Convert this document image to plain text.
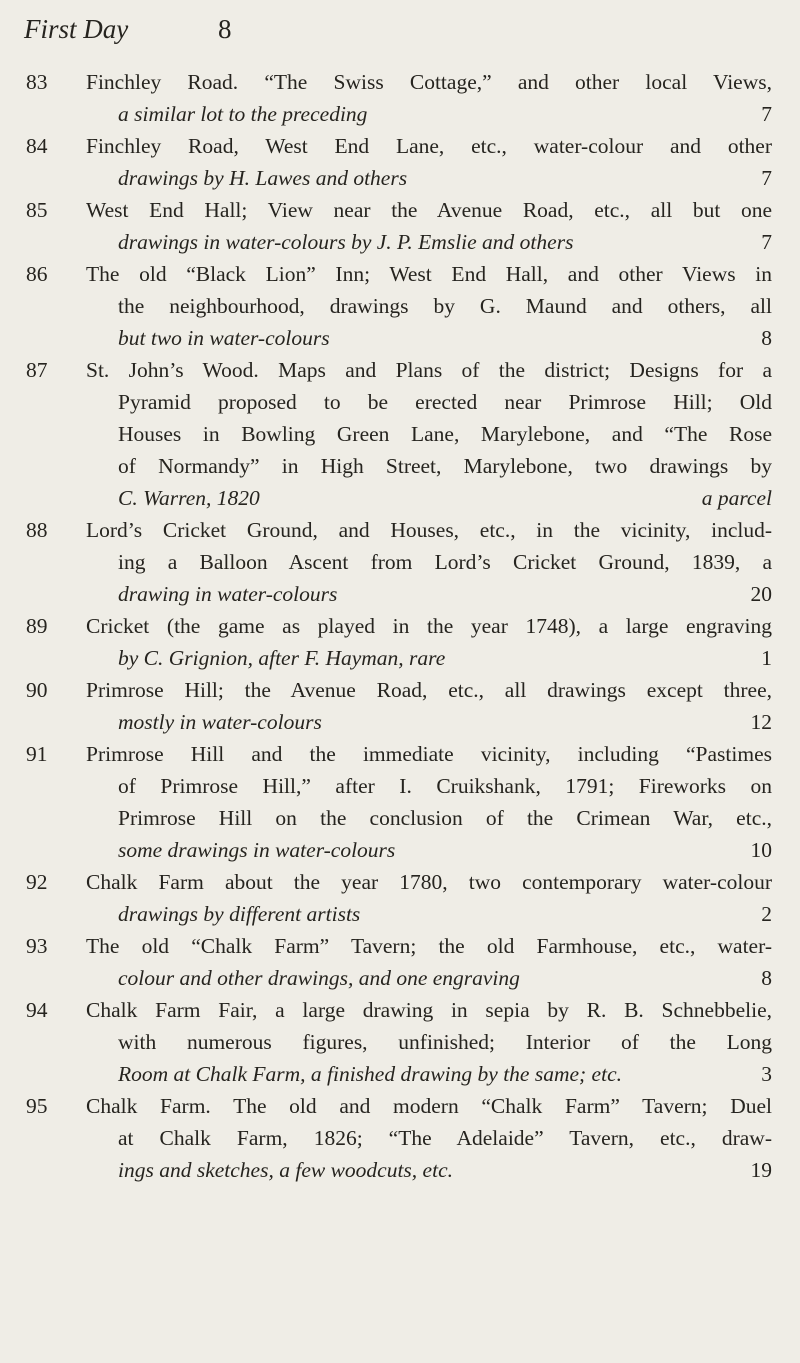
First Day	8
83 Finchley Road. “The Swiss Cottage,” and other local Views,
a similar lot to the preceding	7
84 Finchley Road, West End Lane, etc., water-colour and other
drawings by H. Lawes and others	7
85 West End Hall; View near the Avenue Road, etc., all but one
drawings in water-colours by J. P. Emslie and others	7
86 The old “Black Lion” Inn; West End Hall, and other Views in
the neighbourhood, drawings by G. Maund and others, all
but two in water-colours	8
87 St. John’s Wood. Maps and Plans of the district; Designs for a
Pyramid proposed to be erected near Primrose Hill; Old
Houses in Bowling Green Lane, Marylebone, and “The Rose
of Normandy” in High Street, Marylebone, two drawings by
C. Warren, 1820	a parcel
88 Lord’s Cricket Ground, and Houses, etc., in the vicinity, includ-
ing a Balloon Ascent from Lord’s Cricket Ground, 1839, a
drawing in water-colours	20
89 Cricket (the game as played in the year 1748), a large engraving
by C. Grignion, after F. Hayman, rare	1
90 Primrose Hill; the Avenue Road, etc., all drawings except three,
mostly in water-colours	12
91 Primrose Hill and the immediate vicinity, including “Pastimes
of Primrose Hill,” after I. Cruikshank, 1791; Fireworks on
Primrose Hill on the conclusion of the Crimean War, etc.,
some drawings in water-colours	10
92 Chalk Farm about the year 1780, two contemporary water-colour
drawings by different artists	2
93 The old “Chalk Farm” Tavern; the old Farmhouse, etc., water-
colour and other drawings, and one engraving	8
94 Chalk Farm Fair, a large drawing in sepia by R. B. Schnebbelie,
with numerous figures, unfinished; Interior of the Long
Room at Chalk Farm, a finished drawing by the same; etc.	3
95 Chalk Farm. The old and modern “Chalk Farm” Tavern; Duel
at Chalk Farm, 1826; “The Adelaide” Tavern, etc., draw-
ings and sketches, a few woodcuts, etc.	19
